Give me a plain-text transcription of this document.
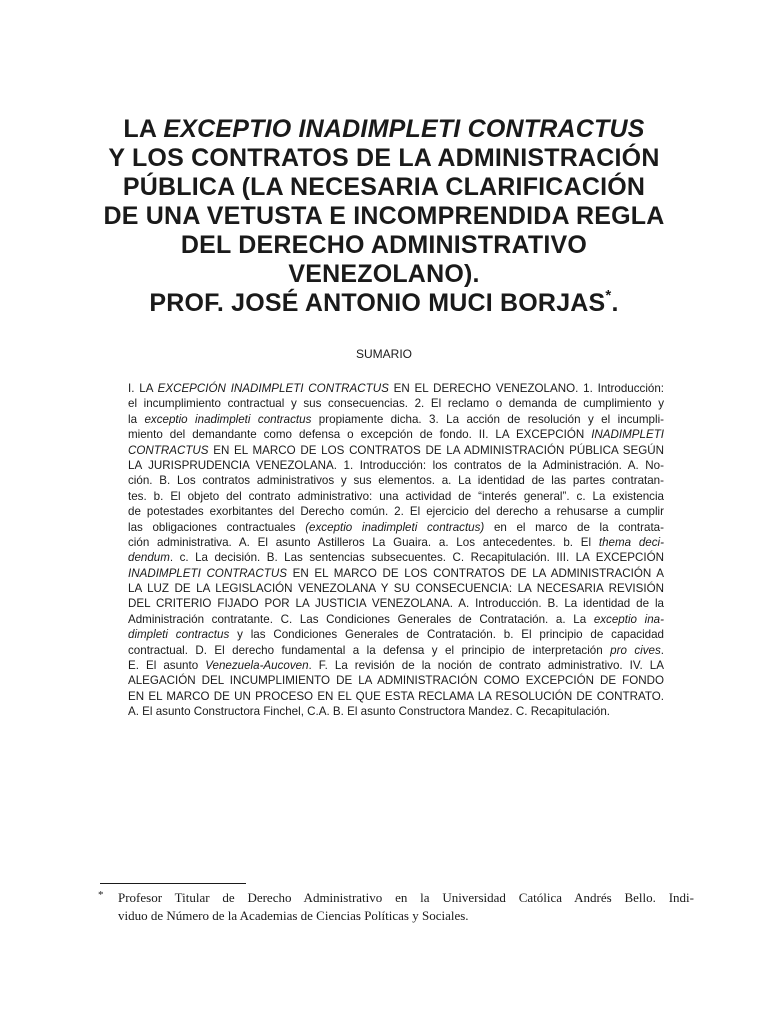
LA EXCEPTIO INADIMPLETI CONTRACTUS
Y LOS CONTRATOS DE LA ADMINISTRACIÓN
PÚBLICA (LA NECESARIA CLARIFICACIÓN
DE UNA VETUSTA E INCOMPRENDIDA REGLA
DEL DERECHO ADMINISTRATIVO
VENEZOLANO).
PROF. JOSÉ ANTONIO MUCI BORJAS*.
SUMARIO
I. LA EXCEPCIÓN INADIMPLETI CONTRACTUS EN EL DERECHO VENEZOLANO. 1. Introducción:
el incumplimiento contractual y sus consecuencias. 2. El reclamo o demanda de cumplimiento y
la exceptio inadimpleti contractus propiamente dicha. 3. La acción de resolución y el incumpli-
miento del demandante como defensa o excepción de fondo. II. LA EXCEPCIÓN INADIMPLETI
CONTRACTUS EN EL MARCO DE LOS CONTRATOS DE LA ADMINISTRACIÓN PÚBLICA SEGÚN
LA JURISPRUDENCIA VENEZOLANA. 1. Introducción: los contratos de la Administración. A. No-
ción. B. Los contratos administrativos y sus elementos. a. La identidad de las partes contratan-
tes. b. El objeto del contrato administrativo: una actividad de “interés general”. c. La existencia
de potestades exorbitantes del Derecho común. 2. El ejercicio del derecho a rehusarse a cumplir
las obligaciones contractuales (exceptio inadimpleti contractus) en el marco de la contrata-
ción administrativa. A. El asunto Astilleros La Guaira. a. Los antecedentes. b. El thema deci-
dendum. c. La decisión. B. Las sentencias subsecuentes. C. Recapitulación. III. LA EXCEPCIÓN
INADIMPLETI CONTRACTUS EN EL MARCO DE LOS CONTRATOS DE LA ADMINISTRACIÓN A
LA LUZ DE LA LEGISLACIÓN VENEZOLANA Y SU CONSECUENCIA: LA NECESARIA REVISIÓN
DEL CRITERIO FIJADO POR LA JUSTICIA VENEZOLANA. A. Introducción. B. La identidad de la
Administración contratante. C. Las Condiciones Generales de Contratación. a. La exceptio ina-
dimpleti contractus y las Condiciones Generales de Contratación. b. El principio de capacidad
contractual. D. El derecho fundamental a la defensa y el principio de interpretación pro cives.
E. El asunto Venezuela-Aucoven. F. La revisión de la noción de contrato administrativo. IV. LA
ALEGACIÓN DEL INCUMPLIMIENTO DE LA ADMINISTRACIÓN COMO EXCEPCIÓN DE FONDO
EN EL MARCO DE UN PROCESO EN EL QUE ESTA RECLAMA LA RESOLUCIÓN DE CONTRATO.
A. El asunto Constructora Finchel, C.A. B. El asunto Constructora Mandez. C. Recapitulación.
* Profesor Titular de Derecho Administrativo en la Universidad Católica Andrés Bello. Indi-
viduo de Número de la Academias de Ciencias Políticas y Sociales.
